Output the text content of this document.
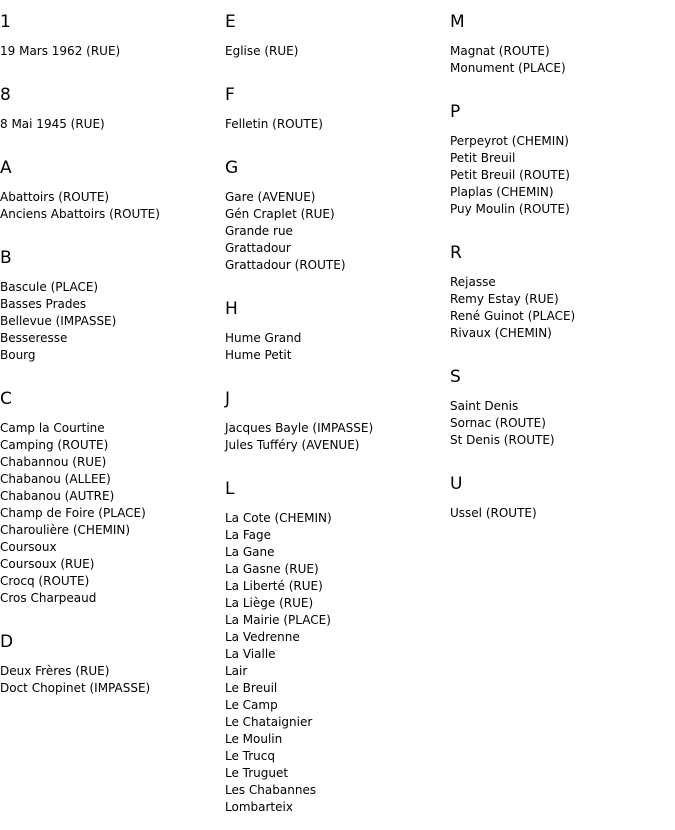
1
19 Mars 1962 (RUE)
8
8 Mai 1945 (RUE)
A
Abattoirs (ROUTE)
Anciens Abattoirs (ROUTE)
B
Bascule (PLACE)
Basses Prades
Bellevue (IMPASSE)
Besseresse
Bourg
C
Camp la Courtine
Camping (ROUTE)
Chabannou (RUE)
Chabanou (ALLEE)
Chabanou (AUTRE)
Champ de Foire (PLACE)
Charoulière (CHEMIN)
Coursoux
Coursoux (RUE)
Crocq (ROUTE)
Cros Charpeaud
D
Deux Frères (RUE)
Doct Chopinet (IMPASSE)
E
Eglise (RUE)
F
Felletin (ROUTE)
G
Gare (AVENUE)
Gén Craplet (RUE)
Grande rue
Grattadour
Grattadour (ROUTE)
H
Hume Grand
Hume Petit
J
Jacques Bayle (IMPASSE)
Jules Tufféry (AVENUE)
L
La Cote (CHEMIN)
La Fage
La Gane
La Gasne (RUE)
La Liberté (RUE)
La Liège (RUE)
La Mairie (PLACE)
La Vedrenne
La Vialle
Lair
Le Breuil
Le Camp
Le Chataignier
Le Moulin
Le Trucq
Le Truguet
Les Chabannes
Lombarteix
M
Magnat (ROUTE)
Monument (PLACE)
P
Perpeyrot (CHEMIN)
Petit Breuil
Petit Breuil (ROUTE)
Plaplas (CHEMIN)
Puy Moulin (ROUTE)
R
Rejasse
Remy Estay (RUE)
René Guinot (PLACE)
Rivaux (CHEMIN)
S
Saint Denis
Sornac (ROUTE)
St Denis (ROUTE)
U
Ussel (ROUTE)
